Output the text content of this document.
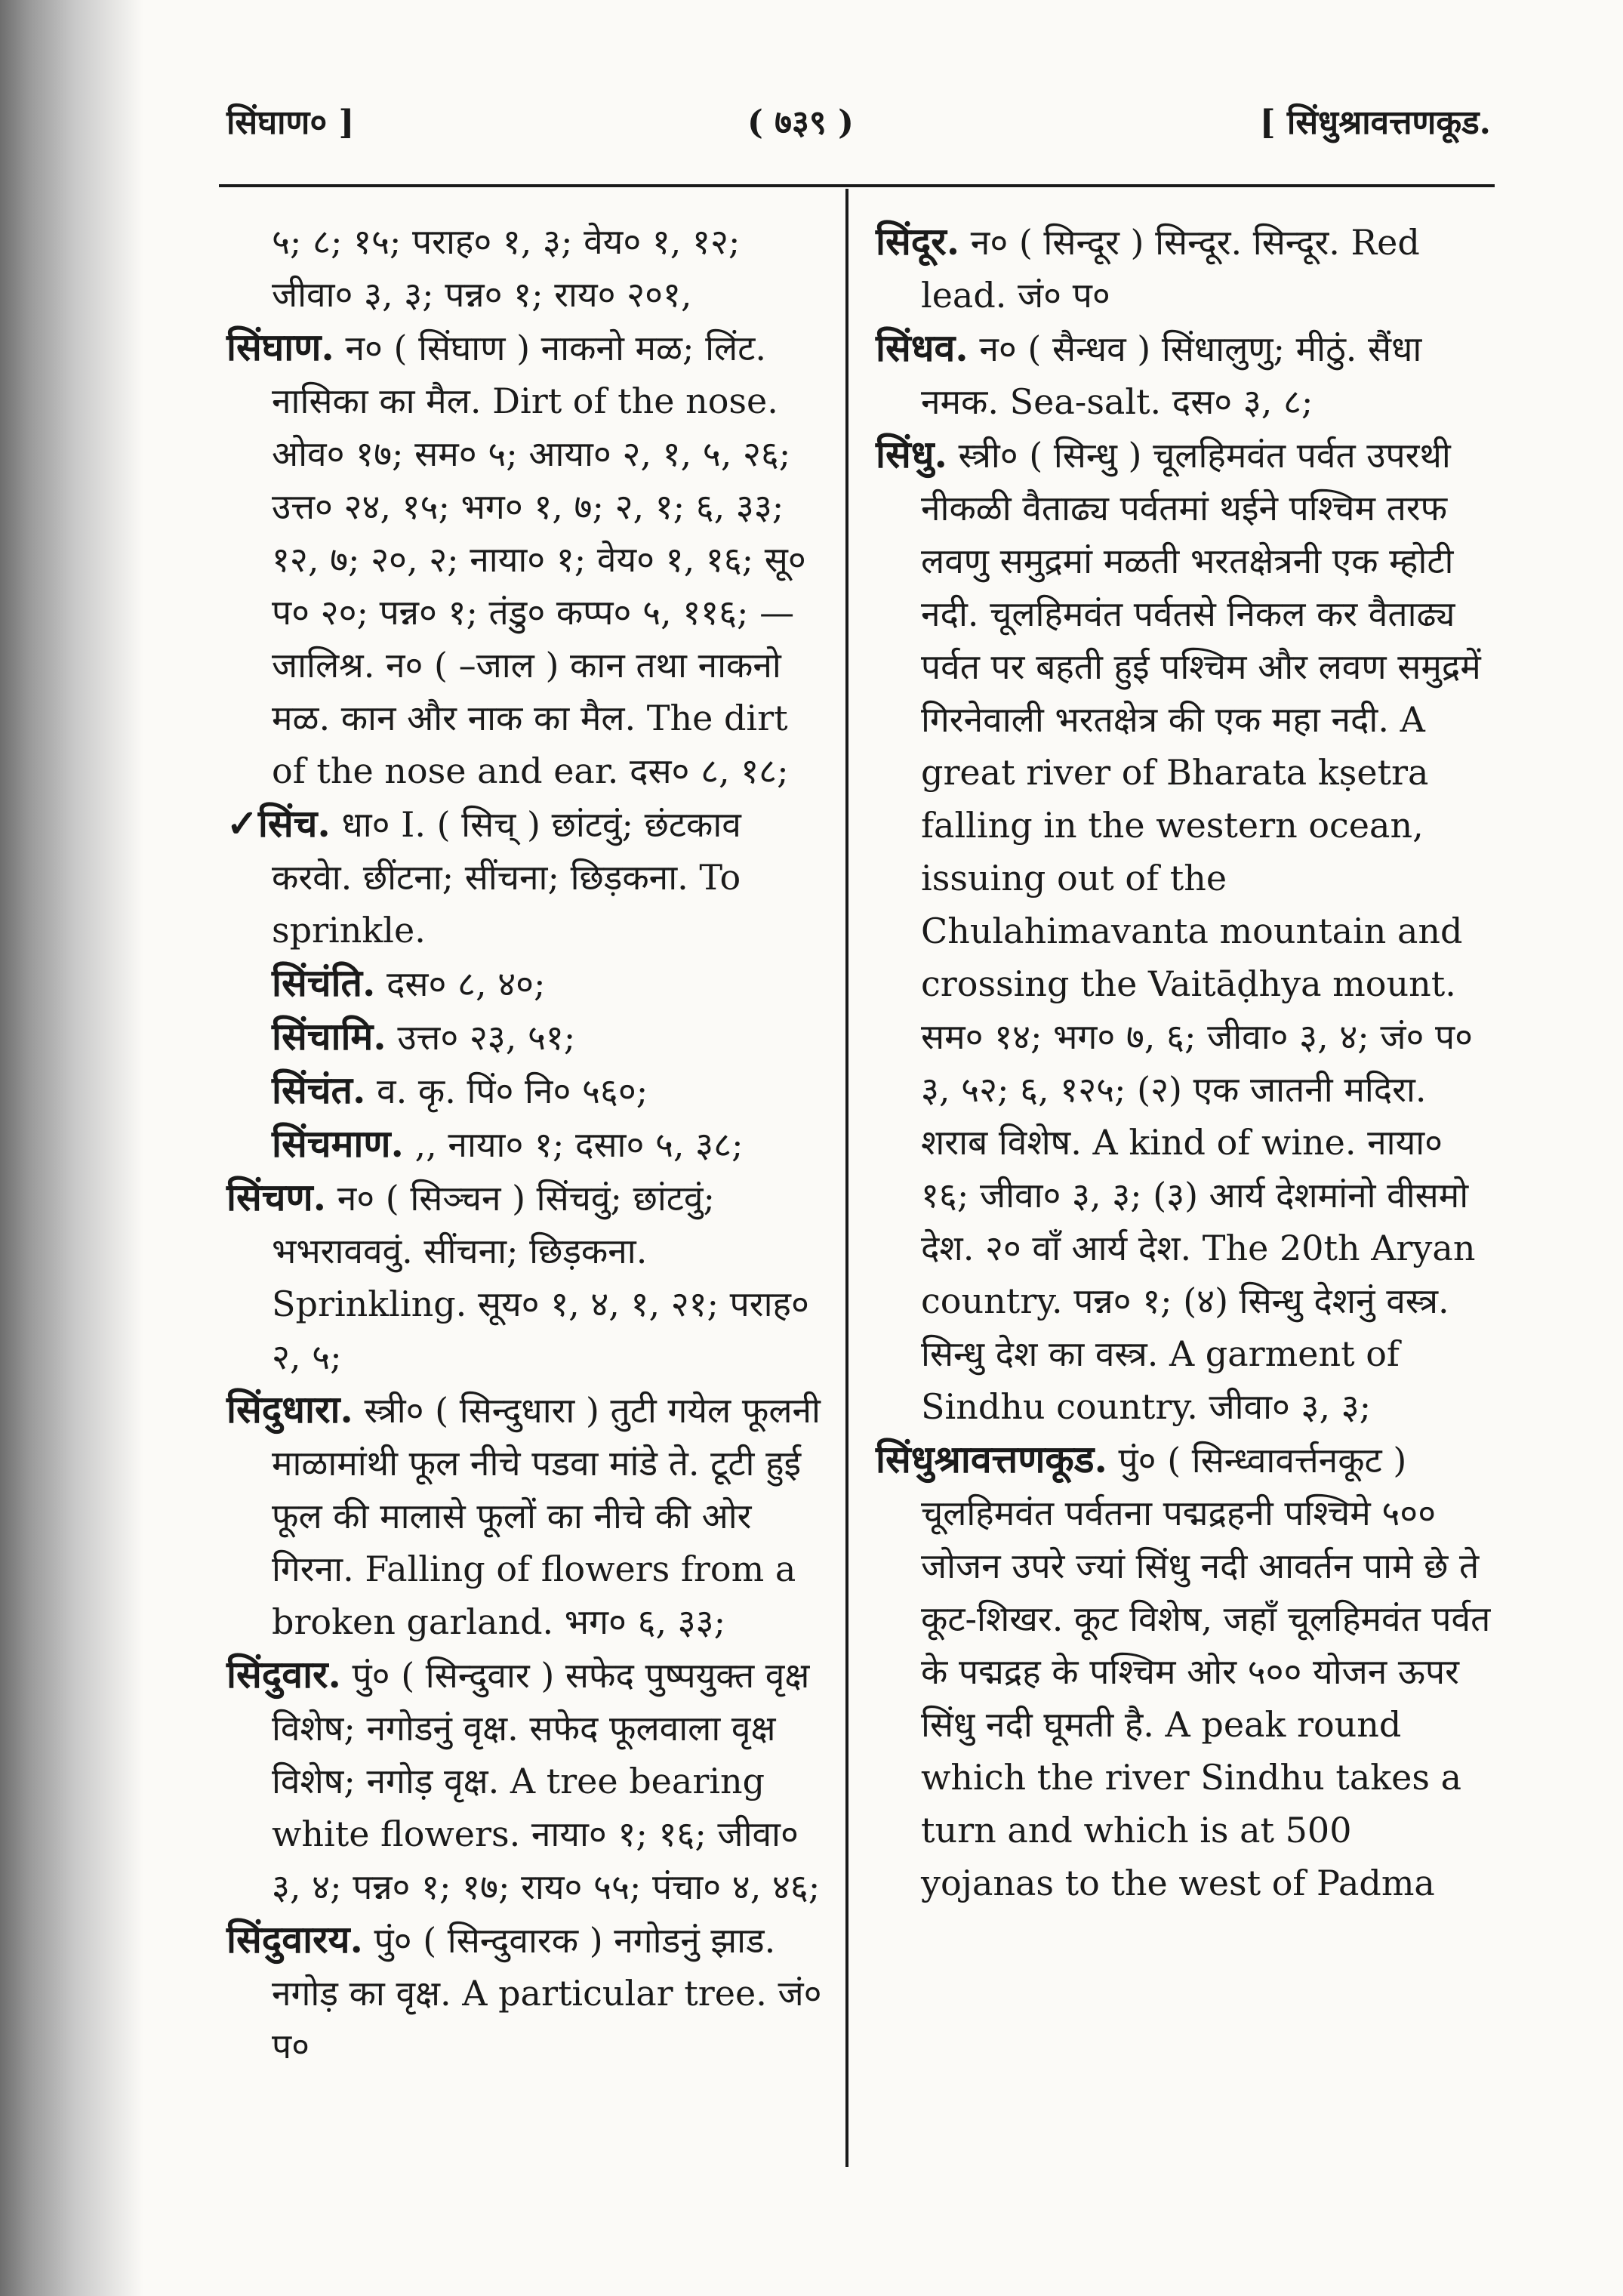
सिंघाण० ]	( ७३९ )	[ सिंधुश्रावत्तणकूड.
५; ८; १५; पराह० १, ३; वेय० १, १२; जीवा० ३, ३; पन्न० १; राय० २०१,
सिंघाण. न० ( सिंघाण ) नाकनो मळ; लिंट. नासिका का मैल. Dirt of the nose. ओव० १७; सम० ५; आया० २, १, ५, २६; उत्त० २४, १५; भग० १, ७; २, १; ६, ३३; १२, ७; २०, २; नाया० १; वेय० १, १६; सू० प० २०; पन्न० १; तंडु० कप्प० ५, ११६; —जालिश्र. न० ( –जाल ) कान तथा नाकनो मळ. कान और नाक का मैल. The dirt of the nose and ear. दस० ८, १८;
✓सिंच. धा० I. ( सिच् ) छांटवुं; छंटकाव करवेा. छींटना; सींचना; छिड़कना. To sprinkle.
सिंचंति. दस० ८, ४०;
सिंचामि. उत्त० २३, ५१;
सिंचंत. व. कृ. पिं० नि० ५६०;
सिंचमाण. ,, नाया० १; दसा० ५, ३८;
सिंचण. न० ( सिञ्चन ) सिंचवुं; छांटवुं; भभरावववुं. सींचना; छिड़कना. Sprinkling. सूय० १, ४, १, २१; पराह० २, ५;
सिंदुधारा. स्त्री० ( सिन्दुधारा ) तुटी गयेल फूलनी माळामांथी फूल नीचे पडवा मांडे ते. टूटी हुई फूल की मालासे फूलों का नीचे की ओर गिरना. Falling of flowers from a broken garland. भग० ६, ३३;
सिंदुवार. पुं० ( सिन्दुवार ) सफेद पुष्पयुक्त वृक्ष विशेष; नगोडनुं वृक्ष. सफेद फूलवाला वृक्ष विशेष; नगोड़ वृक्ष. A tree bearing white flowers. नाया० १; १६; जीवा० ३, ४; पन्न० १; १७; राय० ५५; पंचा० ४, ४६;
सिंदुवारय. पुं० ( सिन्दुवारक ) नगोडनुं झाड. नगोड़ का वृक्ष. A particular tree. जं० प०
सिंदूर. न० ( सिन्दूर ) सिन्दूर. सिन्दूर. Red lead. जं० प०
सिंधव. न० ( सैन्धव ) सिंधालुणु; मीठुं. सैंधा नमक. Sea-salt. दस० ३, ८;
सिंधु. स्त्री० ( सिन्धु ) चूलहिमवंत पर्वत उपरथी नीकळी वैताढ्य पर्वतमां थईने पश्चिम तरफ लवणु समुद्रमां मळती भरतक्षेत्रनी एक म्होटी नदी. चूलहिमवंत पर्वतसे निकल कर वैताढ्य पर्वत पर बहती हुई पश्चिम और लवण समुद्रमें गिरनेवाली भरतक्षेत्र की एक महा नदी. A great river of Bharata kṣetra falling in the western ocean, issuing out of the Chulahimavanta mountain and crossing the Vaitāḍhya mount. सम० १४; भग० ७, ६; जीवा० ३, ४; जं० प० ३, ५२; ६, १२५; (२) एक जातनी मदिरा. शराब विशेष. A kind of wine. नाया० १६; जीवा० ३, ३; (३) आर्य देशमांनो वीसमो देश. २० वाँ आर्य देश. The 20th Aryan country. पन्न० १; (४) सिन्धु देशनुं वस्त्र. सिन्धु देश का वस्त्र. A garment of Sindhu country. जीवा० ३, ३;
सिंधुश्रावत्तणकूड. पुं० ( सिन्ध्वावर्त्तनकूट ) चूलहिमवंत पर्वतना पद्मद्रहनी पश्चिमे ५०० जोजन उपरे ज्यां सिंधु नदी आवर्तन पामे छे ते कूट-शिखर. कूट विशेष, जहाँ चूलहिमवंत पर्वत के पद्मद्रह के पश्चिम ओर ५०० योजन ऊपर सिंधु नदी घूमती है. A peak round which the river Sindhu takes a turn and which is at 500 yojanas to the west of Padma
